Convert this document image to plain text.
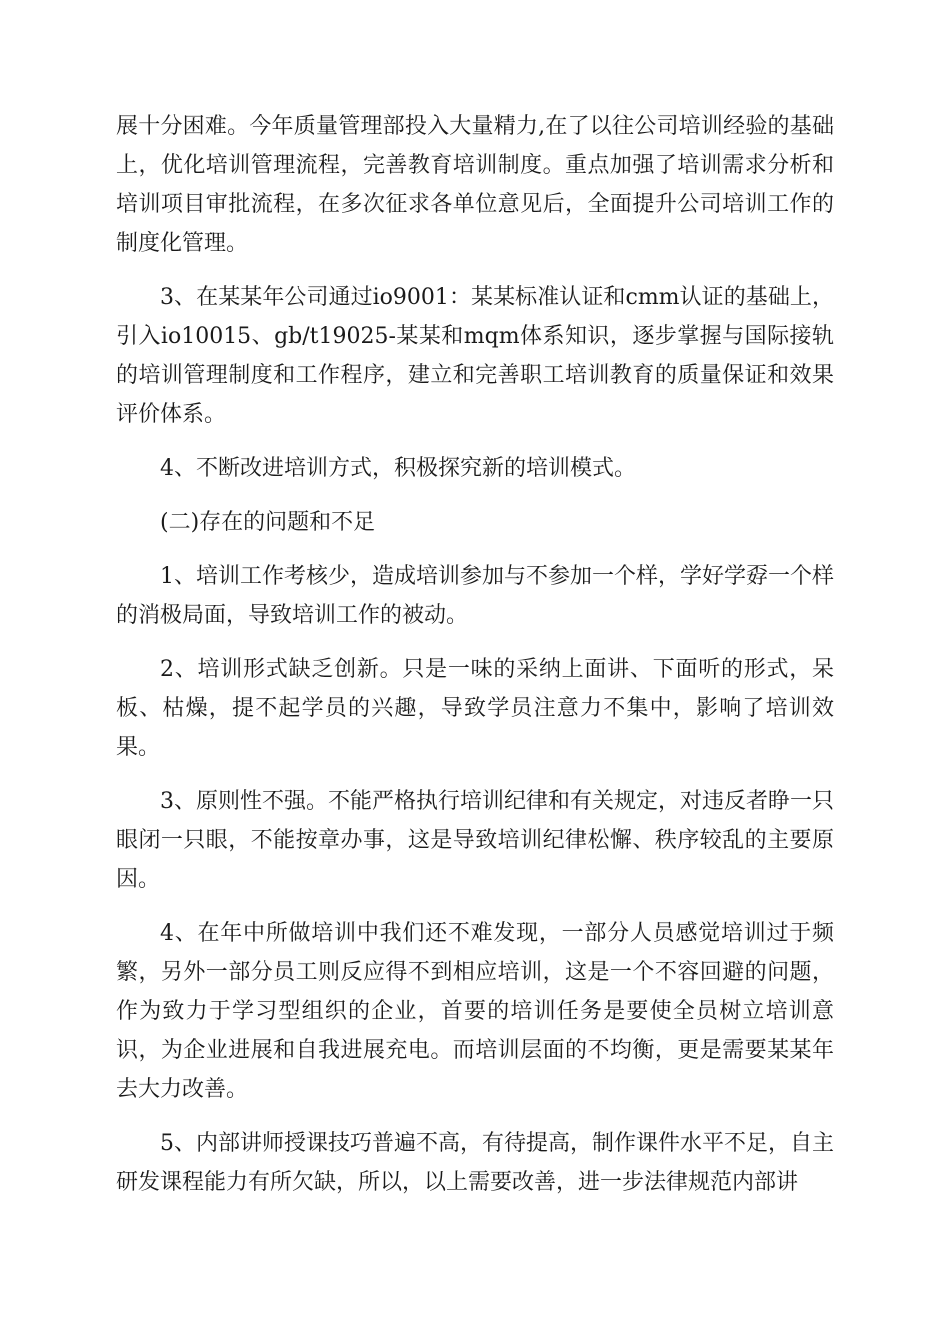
展十分困难。今年质量管理部投入大量精力,在了以往公司培训经验的基础上，优化培训管理流程，完善教育培训制度。重点加强了培训需求分析和培训项目审批流程，在多次征求各单位意见后，全面提升公司培训工作的制度化管理。

3、在某某年公司通过io9001：某某标准认证和cmm认证的基础上，引入io10015、gb/t19025-某某和mqm体系知识，逐步掌握与国际接轨的培训管理制度和工作程序，建立和完善职工培训教育的质量保证和效果评价体系。

4、不断改进培训方式，积极探究新的培训模式。

(二)存在的问题和不足

1、培训工作考核少，造成培训参加与不参加一个样，学好学孬一个样的消极局面，导致培训工作的被动。

2、培训形式缺乏创新。只是一味的采纳上面讲、下面听的形式，呆板、枯燥，提不起学员的兴趣，导致学员注意力不集中，影响了培训效果。

3、原则性不强。不能严格执行培训纪律和有关规定，对违反者睁一只眼闭一只眼，不能按章办事，这是导致培训纪律松懈、秩序较乱的主要原因。

4、在年中所做培训中我们还不难发现，一部分人员感觉培训过于频繁，另外一部分员工则反应得不到相应培训，这是一个不容回避的问题，作为致力于学习型组织的企业，首要的培训任务是要使全员树立培训意识，为企业进展和自我进展充电。而培训层面的不均衡，更是需要某某年去大力改善。

5、内部讲师授课技巧普遍不高，有待提高，制作课件水平不足，自主研发课程能力有所欠缺，所以，以上需要改善，进一步法律规范内部讲
